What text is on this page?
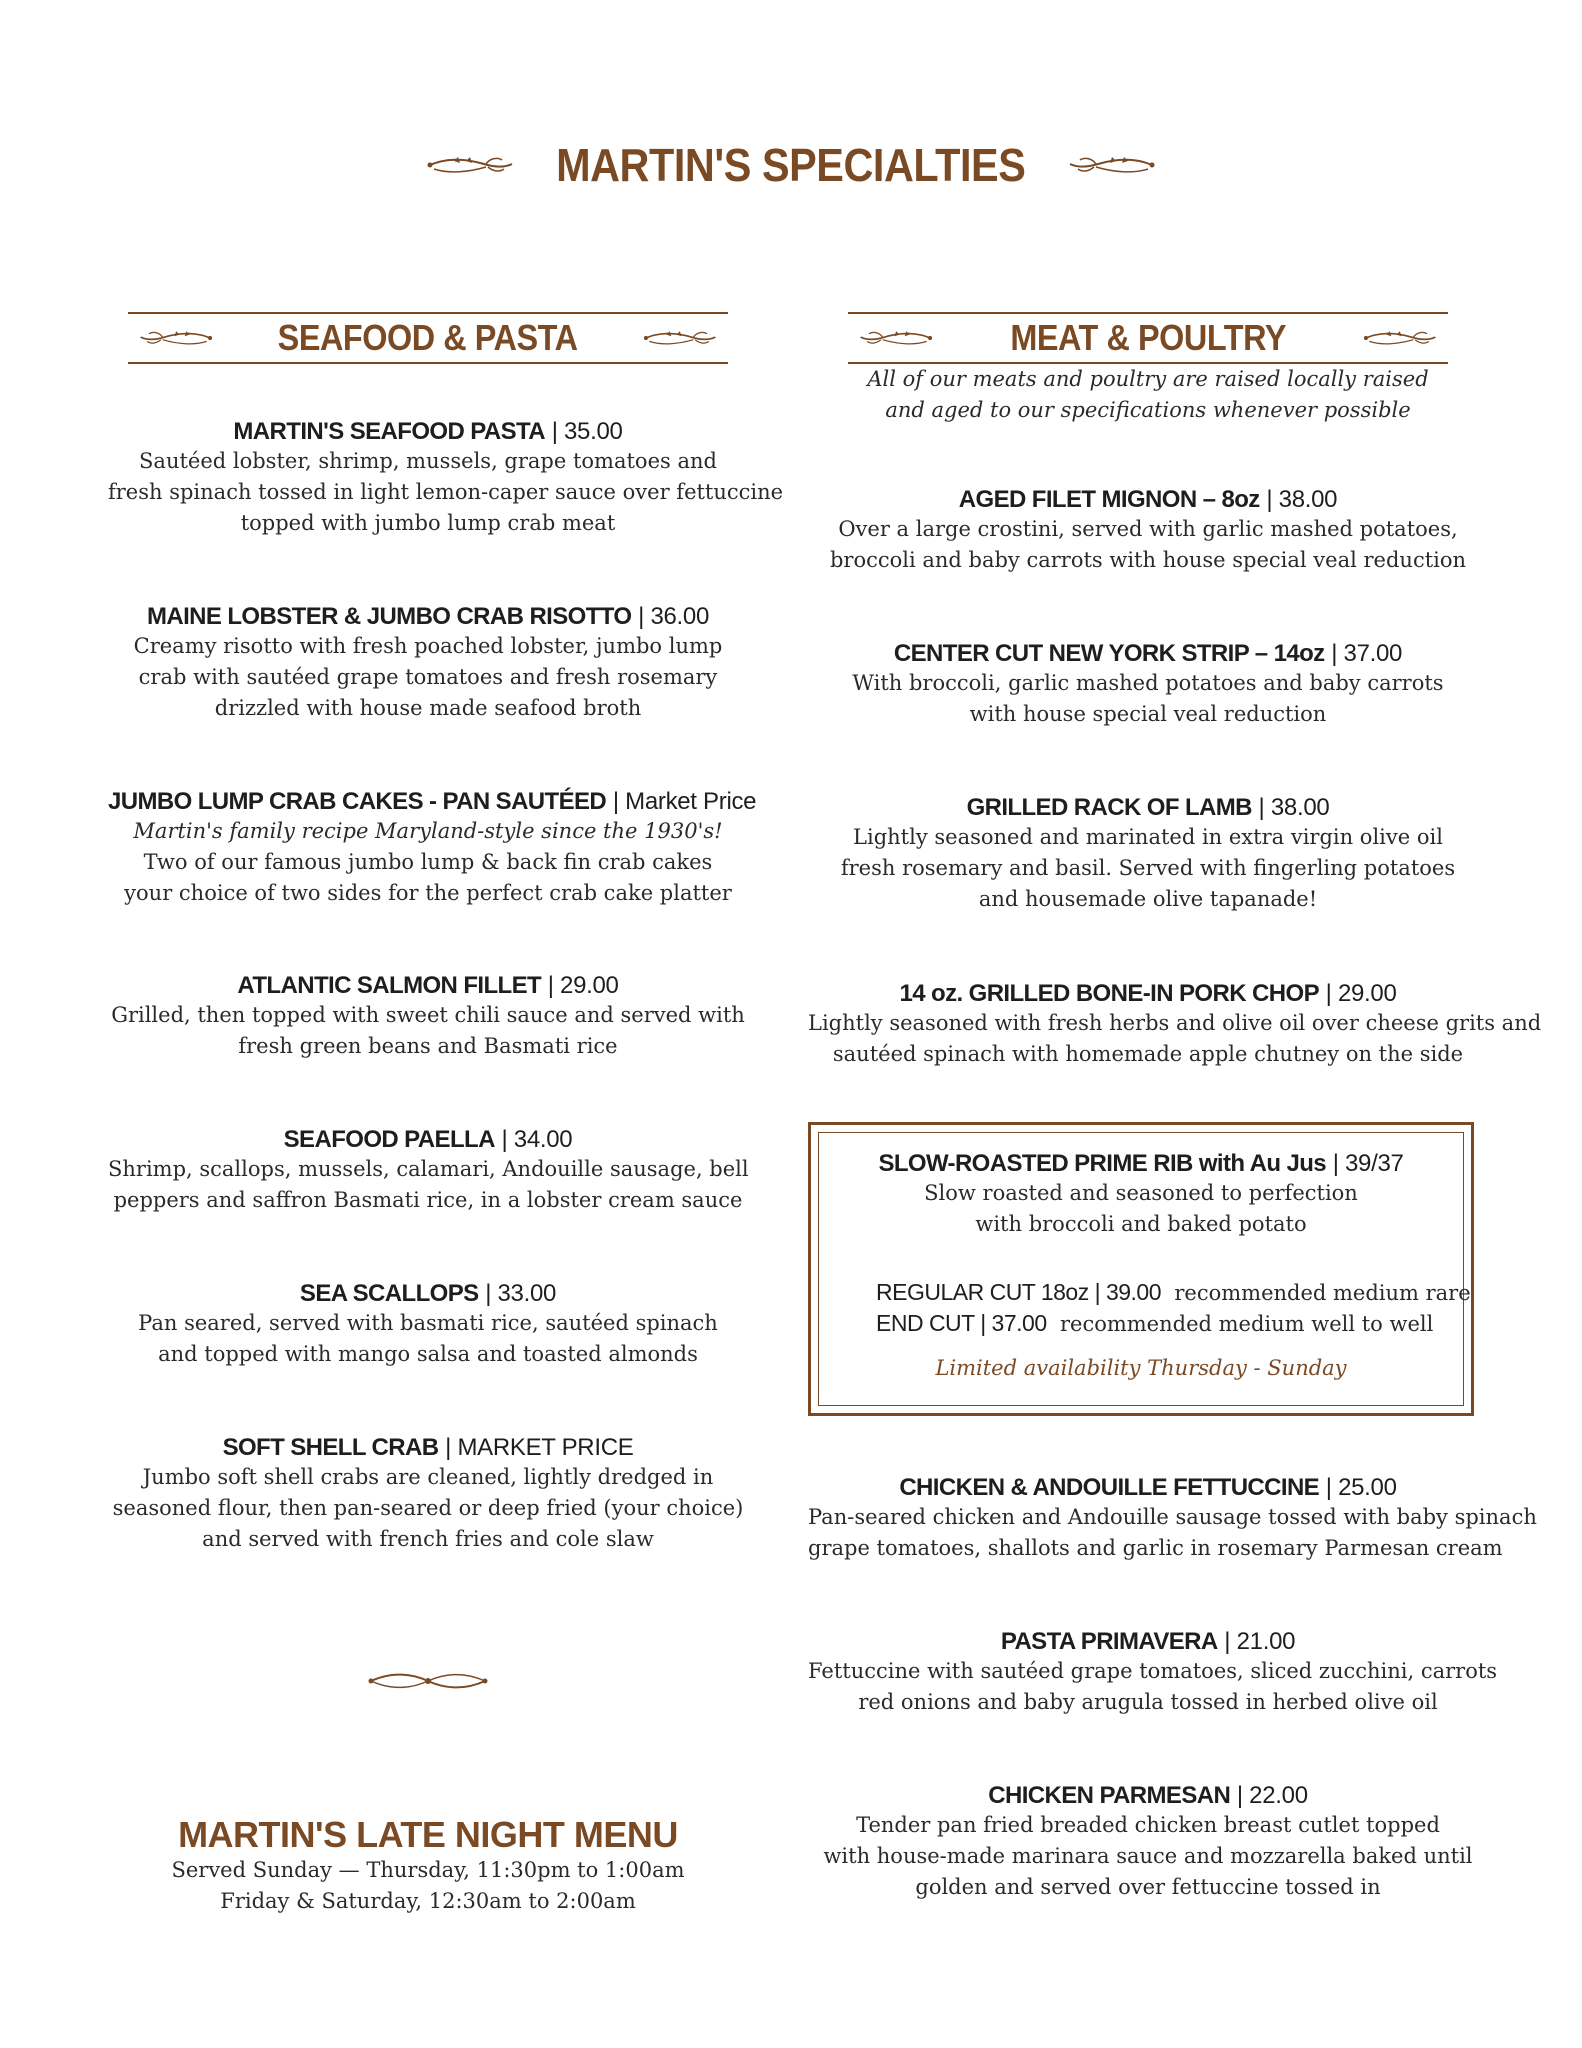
MARTIN'S SPECIALTIES
SEAFOOD & PASTA	MEAT & POULTRY
MARTIN'S SEAFOOD PASTA | 35.00

Sautéed lobster, shrimp, mussels, grape tomatoes and

fresh spinach tossed in light lemon-caper sauce over fettuccine

topped with jumbo lump crab meat

MAINE LOBSTER & JUMBO CRAB RISOTTO | 36.00

Creamy risotto with fresh poached lobster, jumbo lump

crab with sautéed grape tomatoes and fresh rosemary

drizzled with house made seafood broth

JUMBO LUMP CRAB CAKES - PAN SAUTÉED | Market Price

Martin's family recipe Maryland-style since the 1930's!

Two of our famous jumbo lump & back fin crab cakes

your choice of two sides for the perfect crab cake platter

ATLANTIC SALMON FILLET | 29.00

Grilled, then topped with sweet chili sauce and served with

fresh green beans and Basmati rice

SEAFOOD PAELLA | 34.00

Shrimp, scallops, mussels, calamari, Andouille sausage, bell

peppers and saffron Basmati rice, in a lobster cream sauce

SEA SCALLOPS | 33.00

Pan seared, served with basmati rice, sautéed spinach

and topped with mango salsa and toasted almonds

SOFT SHELL CRAB | MARKET PRICE

Jumbo soft shell crabs are cleaned, lightly dredged in

seasoned flour, then pan-seared or deep fried (your choice)

and served with french fries and cole slaw

MARTIN'S LATE NIGHT MENU
Served Sunday — Thursday, 11:30pm to 1:00am
Friday & Saturday, 12:30am to 2:00am
All of our meats and poultry are raised locally raised
and aged to our specifications whenever possible
AGED FILET MIGNON – 8oz | 38.00

Over a large crostini, served with garlic mashed potatoes,

broccoli and baby carrots with house special veal reduction

CENTER CUT NEW YORK STRIP – 14oz | 37.00

With broccoli, garlic mashed potatoes and baby carrots

with house special veal reduction

GRILLED RACK OF LAMB | 38.00

Lightly seasoned and marinated in extra virgin olive oil

fresh rosemary and basil. Served with fingerling potatoes

and housemade olive tapanade!

14 oz. GRILLED BONE-IN PORK CHOP | 29.00

Lightly seasoned with fresh herbs and olive oil over cheese grits and

sautéed spinach with homemade apple chutney on the side

SLOW-ROASTED PRIME RIB with Au Jus | 39/37

Slow roasted and seasoned to perfection

with broccoli and baked potato

REGULAR CUT 18oz | 39.00 recommended medium rare
END CUT | 37.00 recommended medium well to well
Limited availability Thursday - Sunday
CHICKEN & ANDOUILLE FETTUCCINE | 25.00

Pan-seared chicken and Andouille sausage tossed with baby spinach

grape tomatoes, shallots and garlic in rosemary Parmesan cream

PASTA PRIMAVERA | 21.00

Fettuccine with sautéed grape tomatoes, sliced zucchini, carrots

red onions and baby arugula tossed in herbed olive oil

CHICKEN PARMESAN | 22.00

Tender pan fried breaded chicken breast cutlet topped

with house-made marinara sauce and mozzarella baked until

golden and served over fettuccine tossed in
